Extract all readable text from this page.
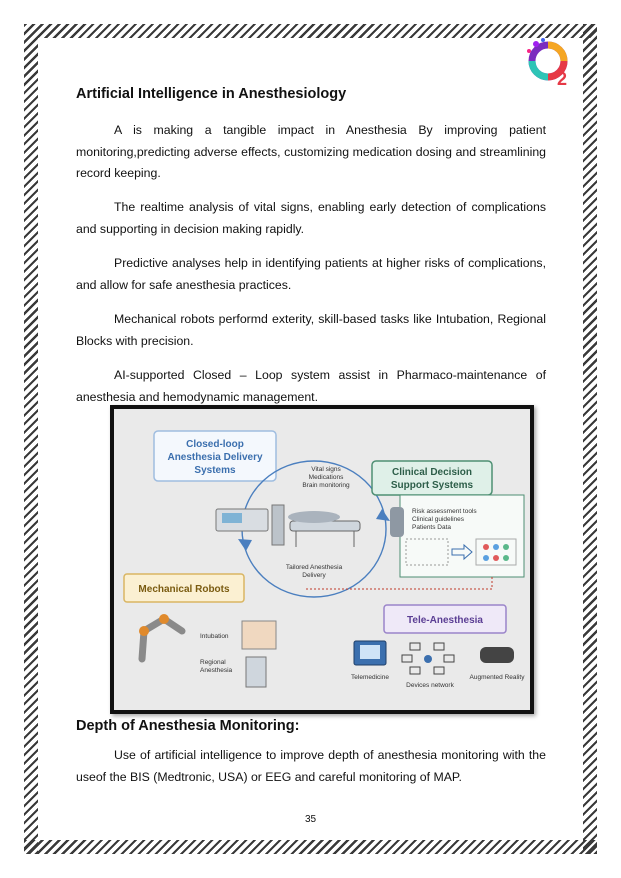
2
Artificial Intelligence in Anesthesiology

A is making a tangible impact in Anesthesia By improving patient monitoring,predicting adverse effects, customizing medication dosing and streamlining record keeping.

The realtime analysis of vital signs, enabling early detection of complications and supporting in decision making rapidly.

Predictive analyses help in identifying patients at higher risks of complications, and allow for safe anesthesia practices.

Mechanical robots performd exterity, skill-based tasks like Intubation, Regional Blocks with precision.

AI-supported Closed – Loop system assist in Pharmaco-maintenance of anesthesia and hemodynamic management.

Closed-loop
Anesthesia Delivery
Systems	Vital signs
Medications
Brain monitoring
Tailored Anesthesia
Delivery
Clinical Decision
Support Systems
Risk assessment tools
Clinical guidelines
Patients Data
Mechanical Robots
Intubation
Regional
Anesthesia
Tele-Anesthesia
Telemedicine
Devices network
Augmented Reality
Depth of Anesthesia Monitoring:

Use of artificial intelligence to improve depth of anesthesia monitoring with the useof the BIS (Medtronic, USA) or EEG and careful monitoring of MAP.

35
